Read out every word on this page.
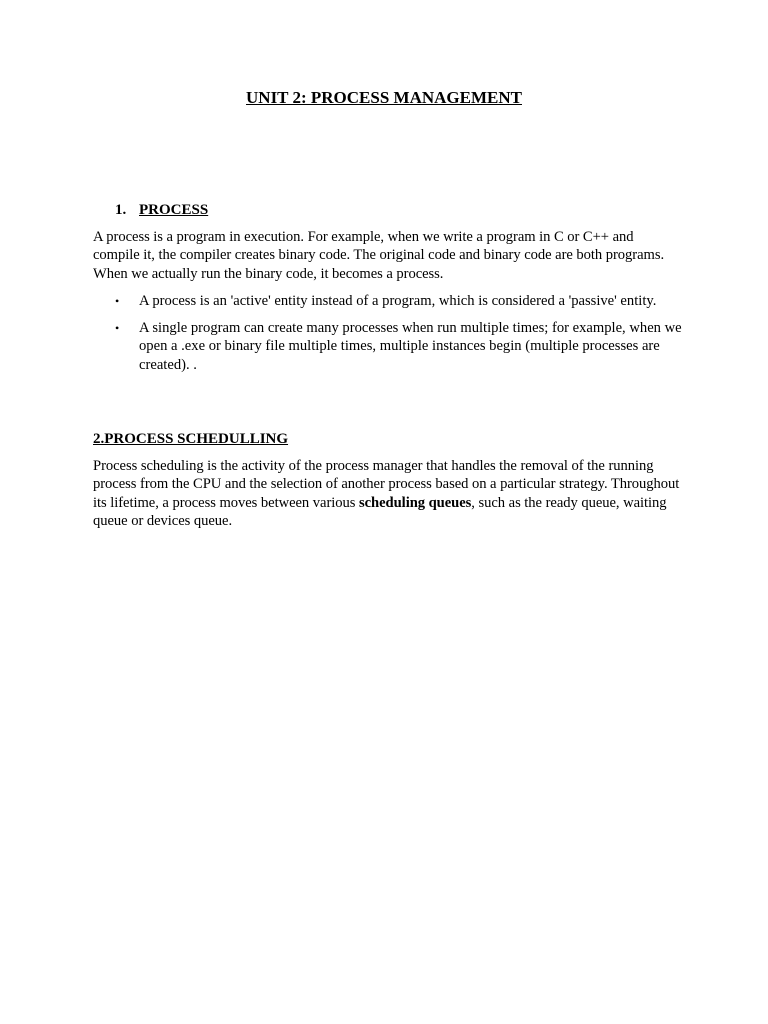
UNIT 2: PROCESS MANAGEMENT
1. PROCESS

A process is a program in execution. For example, when we write a program in C or C++ and compile it, the compiler creates binary code. The original code and binary code are both programs. When we actually run the binary code, it becomes a process.

• A process is an 'active' entity instead of a program, which is considered a 'passive' entity.
• A single program can create many processes when run multiple times; for example, when we open a .exe or binary file multiple times, multiple instances begin (multiple processes are created). .
2.PROCESS SCHEDULLING

Process scheduling is the activity of the process manager that handles the removal of the running process from the CPU and the selection of another process based on a particular strategy. Throughout its lifetime, a process moves between various scheduling queues, such as the ready queue, waiting queue or devices queue.
